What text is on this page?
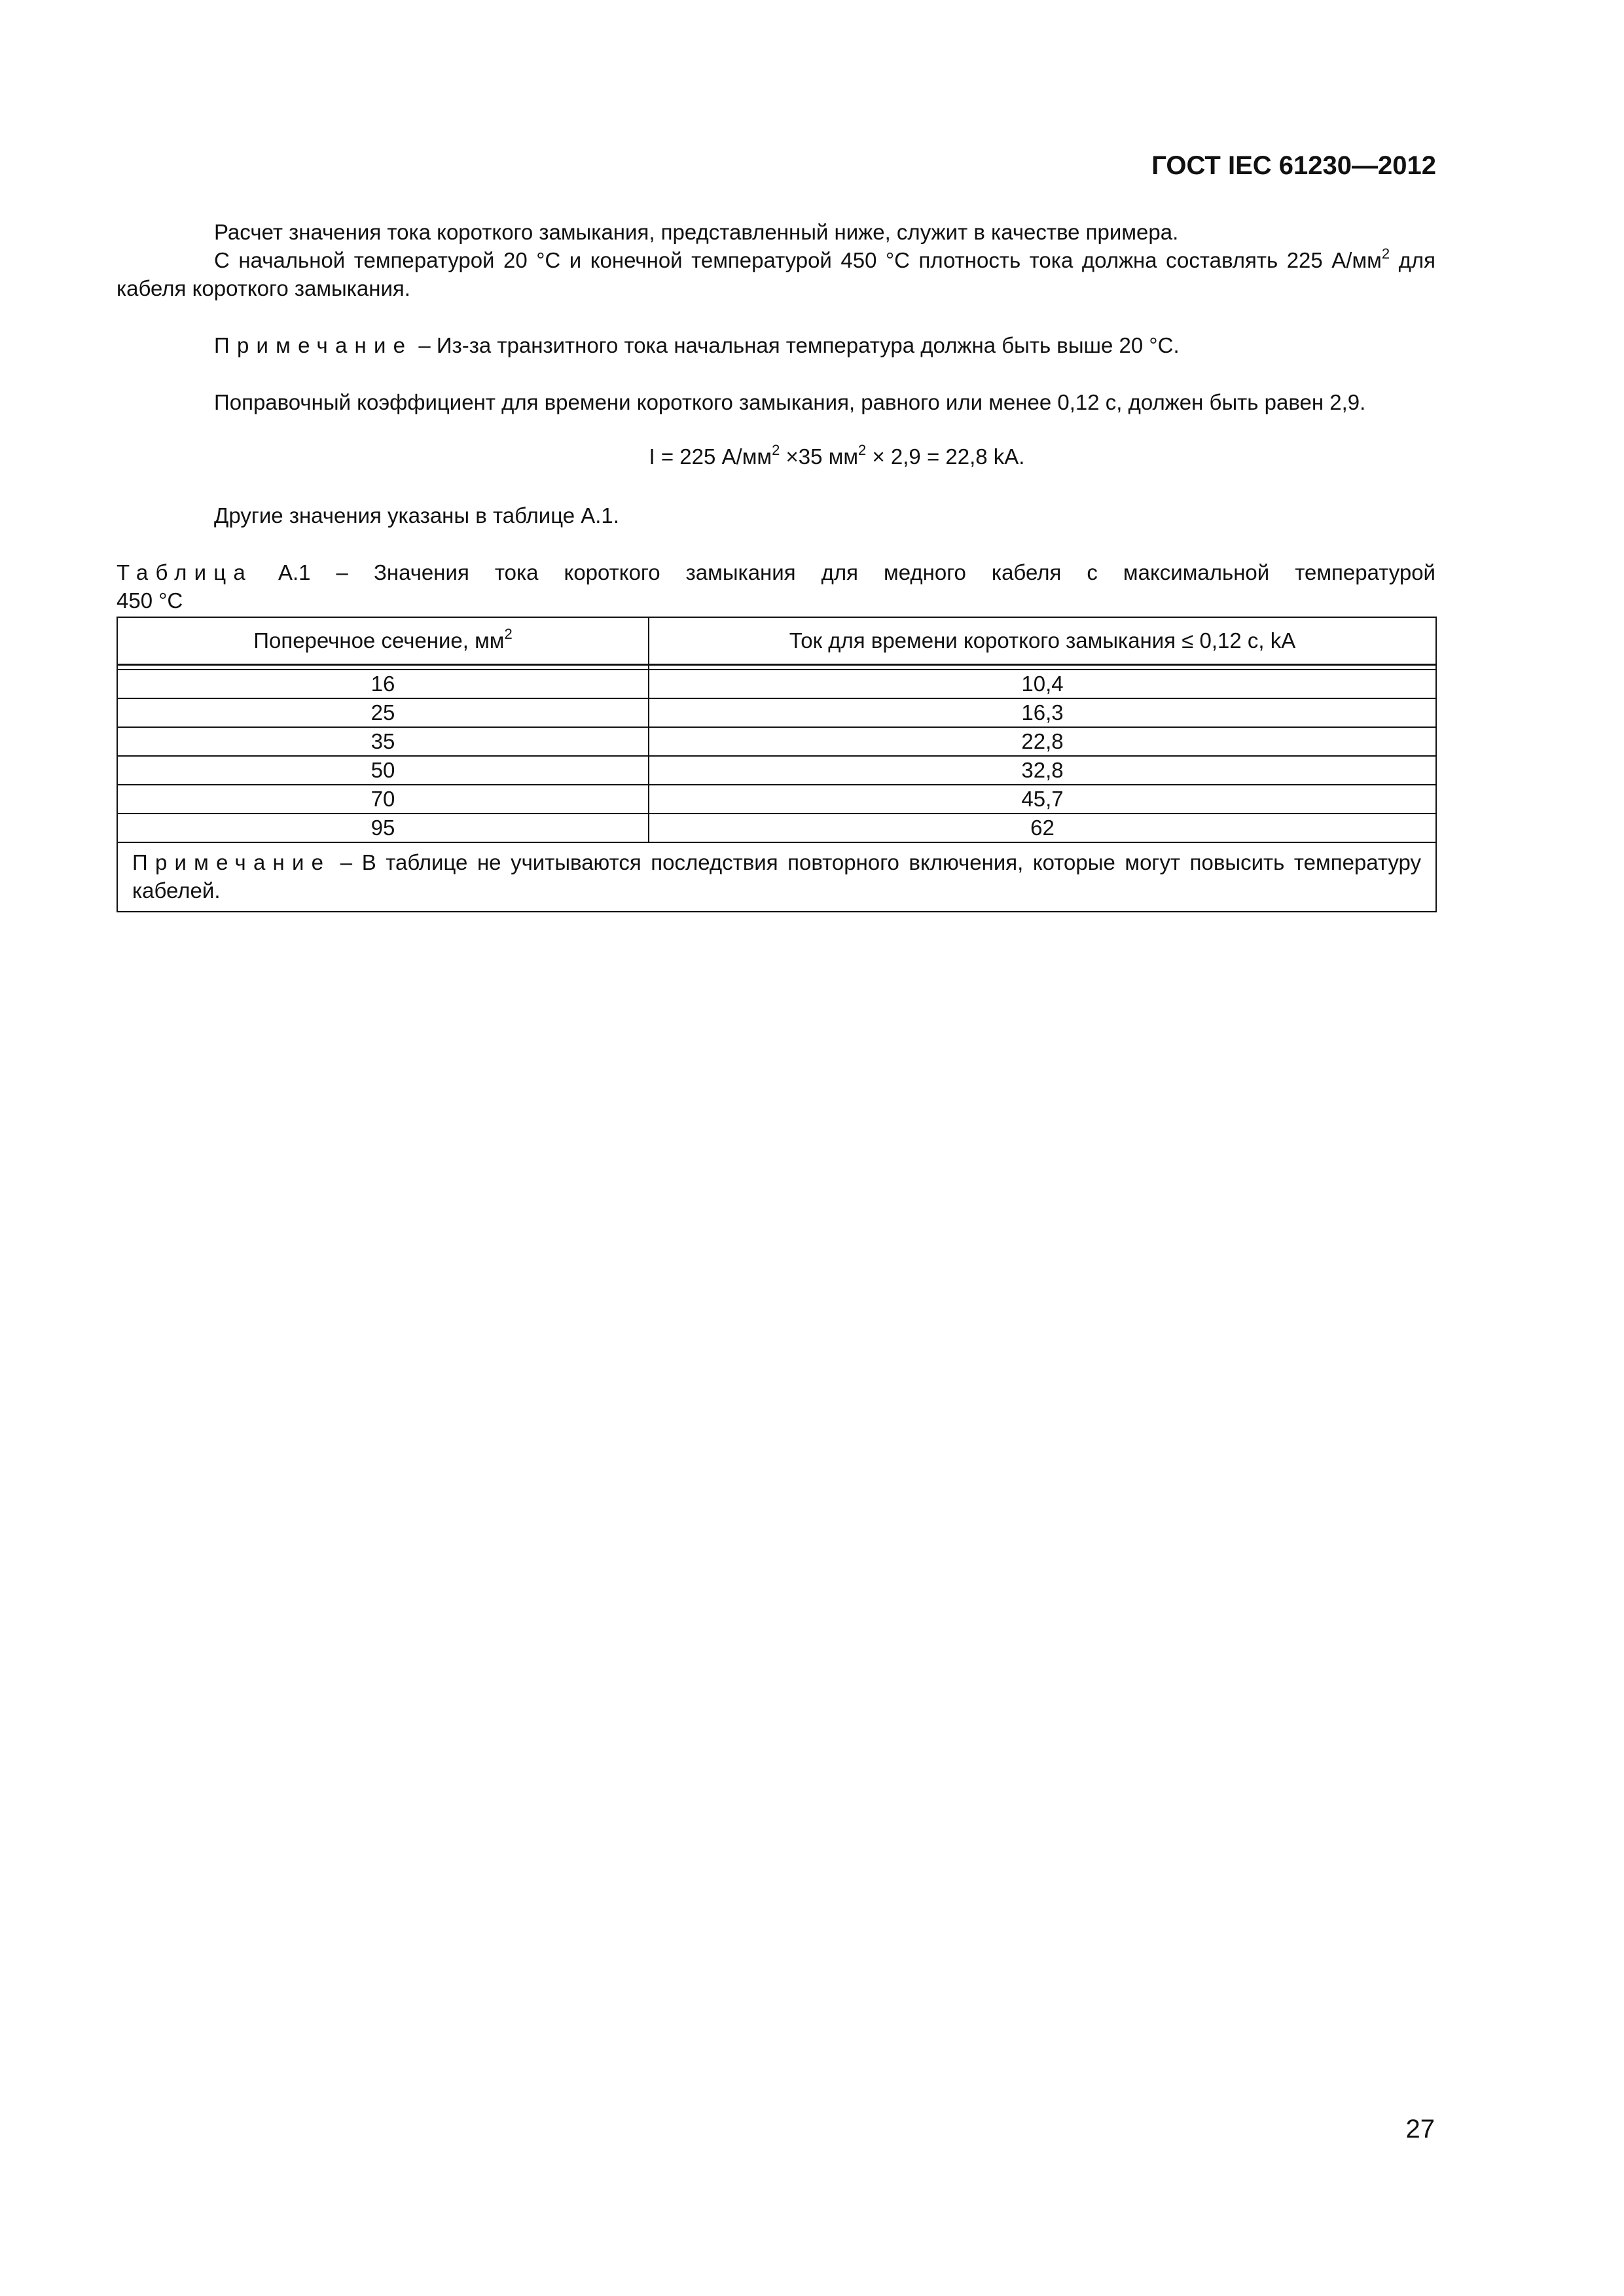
ГОСТ IEC 61230—2012
Расчет значения тока короткого замыкания, представленный ниже, служит в качестве примера.
С начальной температурой 20 °С и конечной температурой 450 °С плотность тока должна составлять 225 $А/мм^2$ для кабеля короткого замыкания.
Примечание – Из-за транзитного тока начальная температура должна быть выше 20 °С.
Поправочный коэффициент для времени короткого замыкания, равного или менее 0,12 с, должен быть равен 2,9.
I = 225 $А/мм^2 \times 35$ $мм^2 \times 2,9 = 22,8$ kA.
Другие значения указаны в таблице А.1.
Таблица А.1 – Значения тока короткого замыкания для медного кабеля с максимальной температурой
450 °С
Поперечное сечение, $мм^2$	Ток для времени короткого замыкания ≤ 0,12 с, kA

16	10,4
25	16,3
35	22,8
50	32,8
70	45,7
95	62
Примечание – В таблице не учитываются последствия повторного включения, которые могут повысить температуру кабелей.	
27
